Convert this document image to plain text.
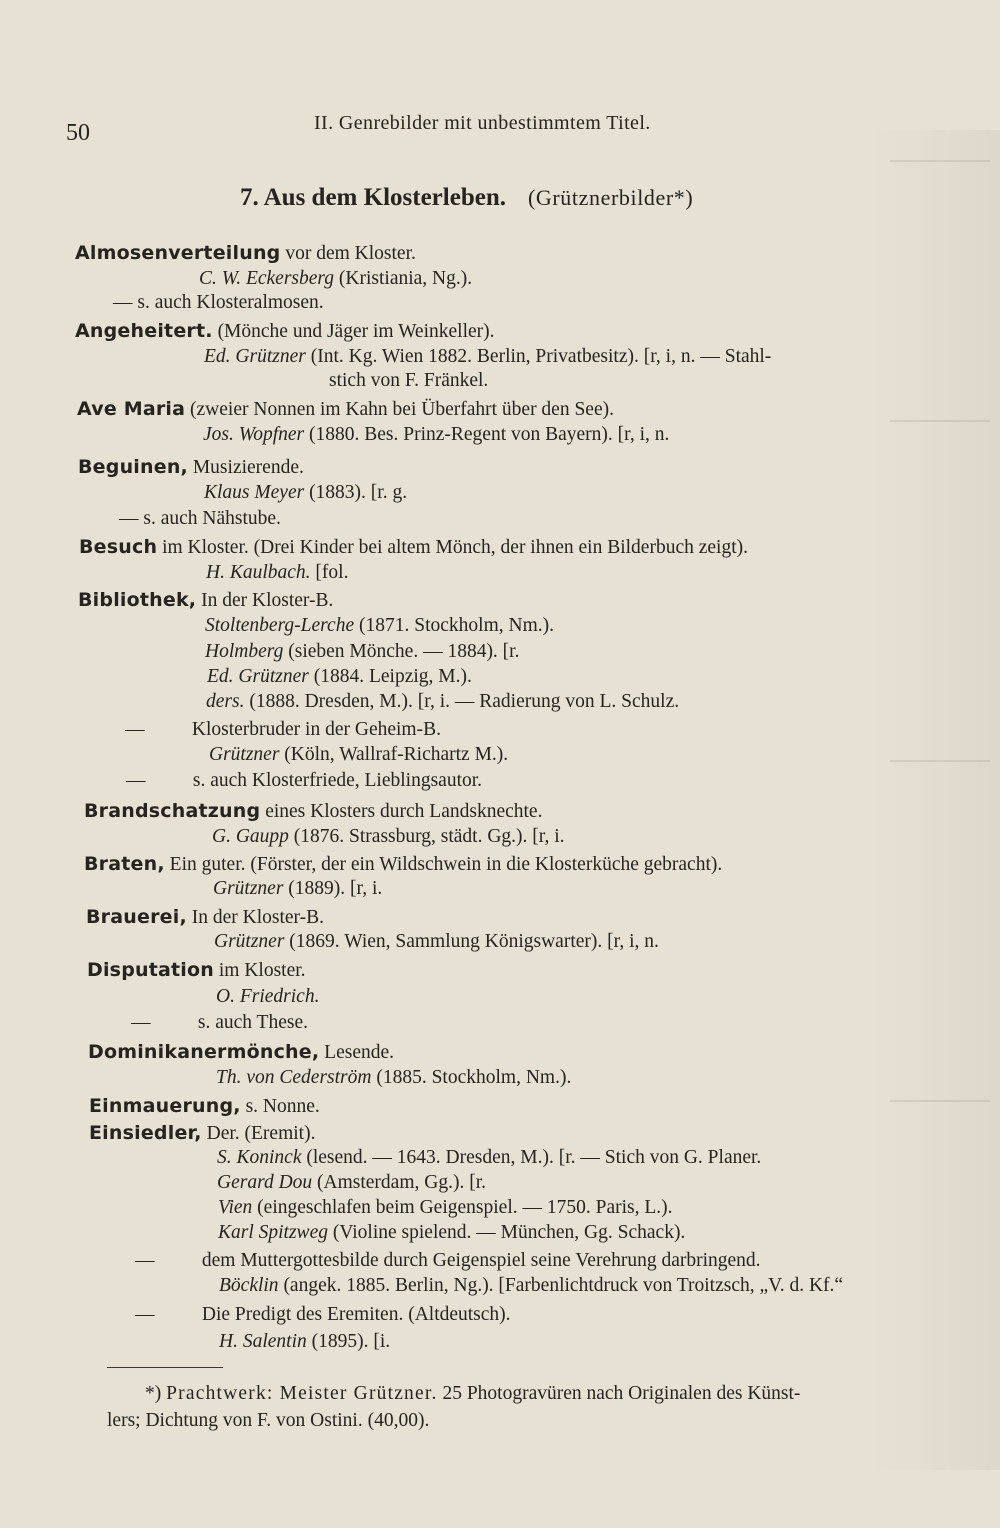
50	II. Genrebilder mit unbestimmtem Titel.
7. Aus dem Klosterleben. (Grütznerbilder*)
Almosenverteilung vor dem Kloster.
C. W. Eckersberg (Kristiania, Ng.).
— s. auch Klosteralmosen.
Angeheitert. (Mönche und Jäger im Weinkeller).
Ed. Grützner (Int. Kg. Wien 1882. Berlin, Privatbesitz). [r, i, n. — Stahl-
stich von F. Fränkel.
Ave Maria (zweier Nonnen im Kahn bei Überfahrt über den See).
Jos. Wopfner (1880. Bes. Prinz-Regent von Bayern). [r, i, n.
Beguinen, Musizierende.
Klaus Meyer (1883). [r. g.
— s. auch Nähstube.
Besuch im Kloster. (Drei Kinder bei altem Mönch, der ihnen ein Bilderbuch zeigt).
H. Kaulbach. [fol.
Bibliothek, In der Kloster-B.
Stoltenberg-Lerche (1871. Stockholm, Nm.).
Holmberg (sieben Mönche. — 1884). [r.
Ed. Grützner (1884. Leipzig, M.).
ders. (1888. Dresden, M.). [r, i. — Radierung von L. Schulz.
— Klosterbruder in der Geheim-B.
Grützner (Köln, Wallraf-Richartz M.).
— s. auch Klosterfriede, Lieblingsautor.
Brandschatzung eines Klosters durch Landsknechte.
G. Gaupp (1876. Strassburg, städt. Gg.). [r, i.
Braten, Ein guter. (Förster, der ein Wildschwein in die Klosterküche gebracht).
Grützner (1889). [r, i.
Brauerei, In der Kloster-B.
Grützner (1869. Wien, Sammlung Königswarter). [r, i, n.
Disputation im Kloster.
O. Friedrich.
— s. auch These.
Dominikanermönche, Lesende.
Th. von Cederström (1885. Stockholm, Nm.).
Einmauerung, s. Nonne.
Einsiedler, Der. (Eremit).
S. Koninck (lesend. — 1643. Dresden, M.). [r. — Stich von G. Planer.
Gerard Dou (Amsterdam, Gg.). [r.
Vien (eingeschlafen beim Geigenspiel. — 1750. Paris, L.).
Karl Spitzweg (Violine spielend. — München, Gg. Schack).
— dem Muttergottesbilde durch Geigenspiel seine Verehrung darbringend.
Böcklin (angek. 1885. Berlin, Ng.). [Farbenlichtdruck von Troitzsch, „V. d. Kf.“
— Die Predigt des Eremiten. (Altdeutsch).
H. Salentin (1895). [i.
*) Prachtwerk: Meister Grützner. 25 Photogravüren nach Originalen des Künst-
lers; Dichtung von F. von Ostini. (40,00).
